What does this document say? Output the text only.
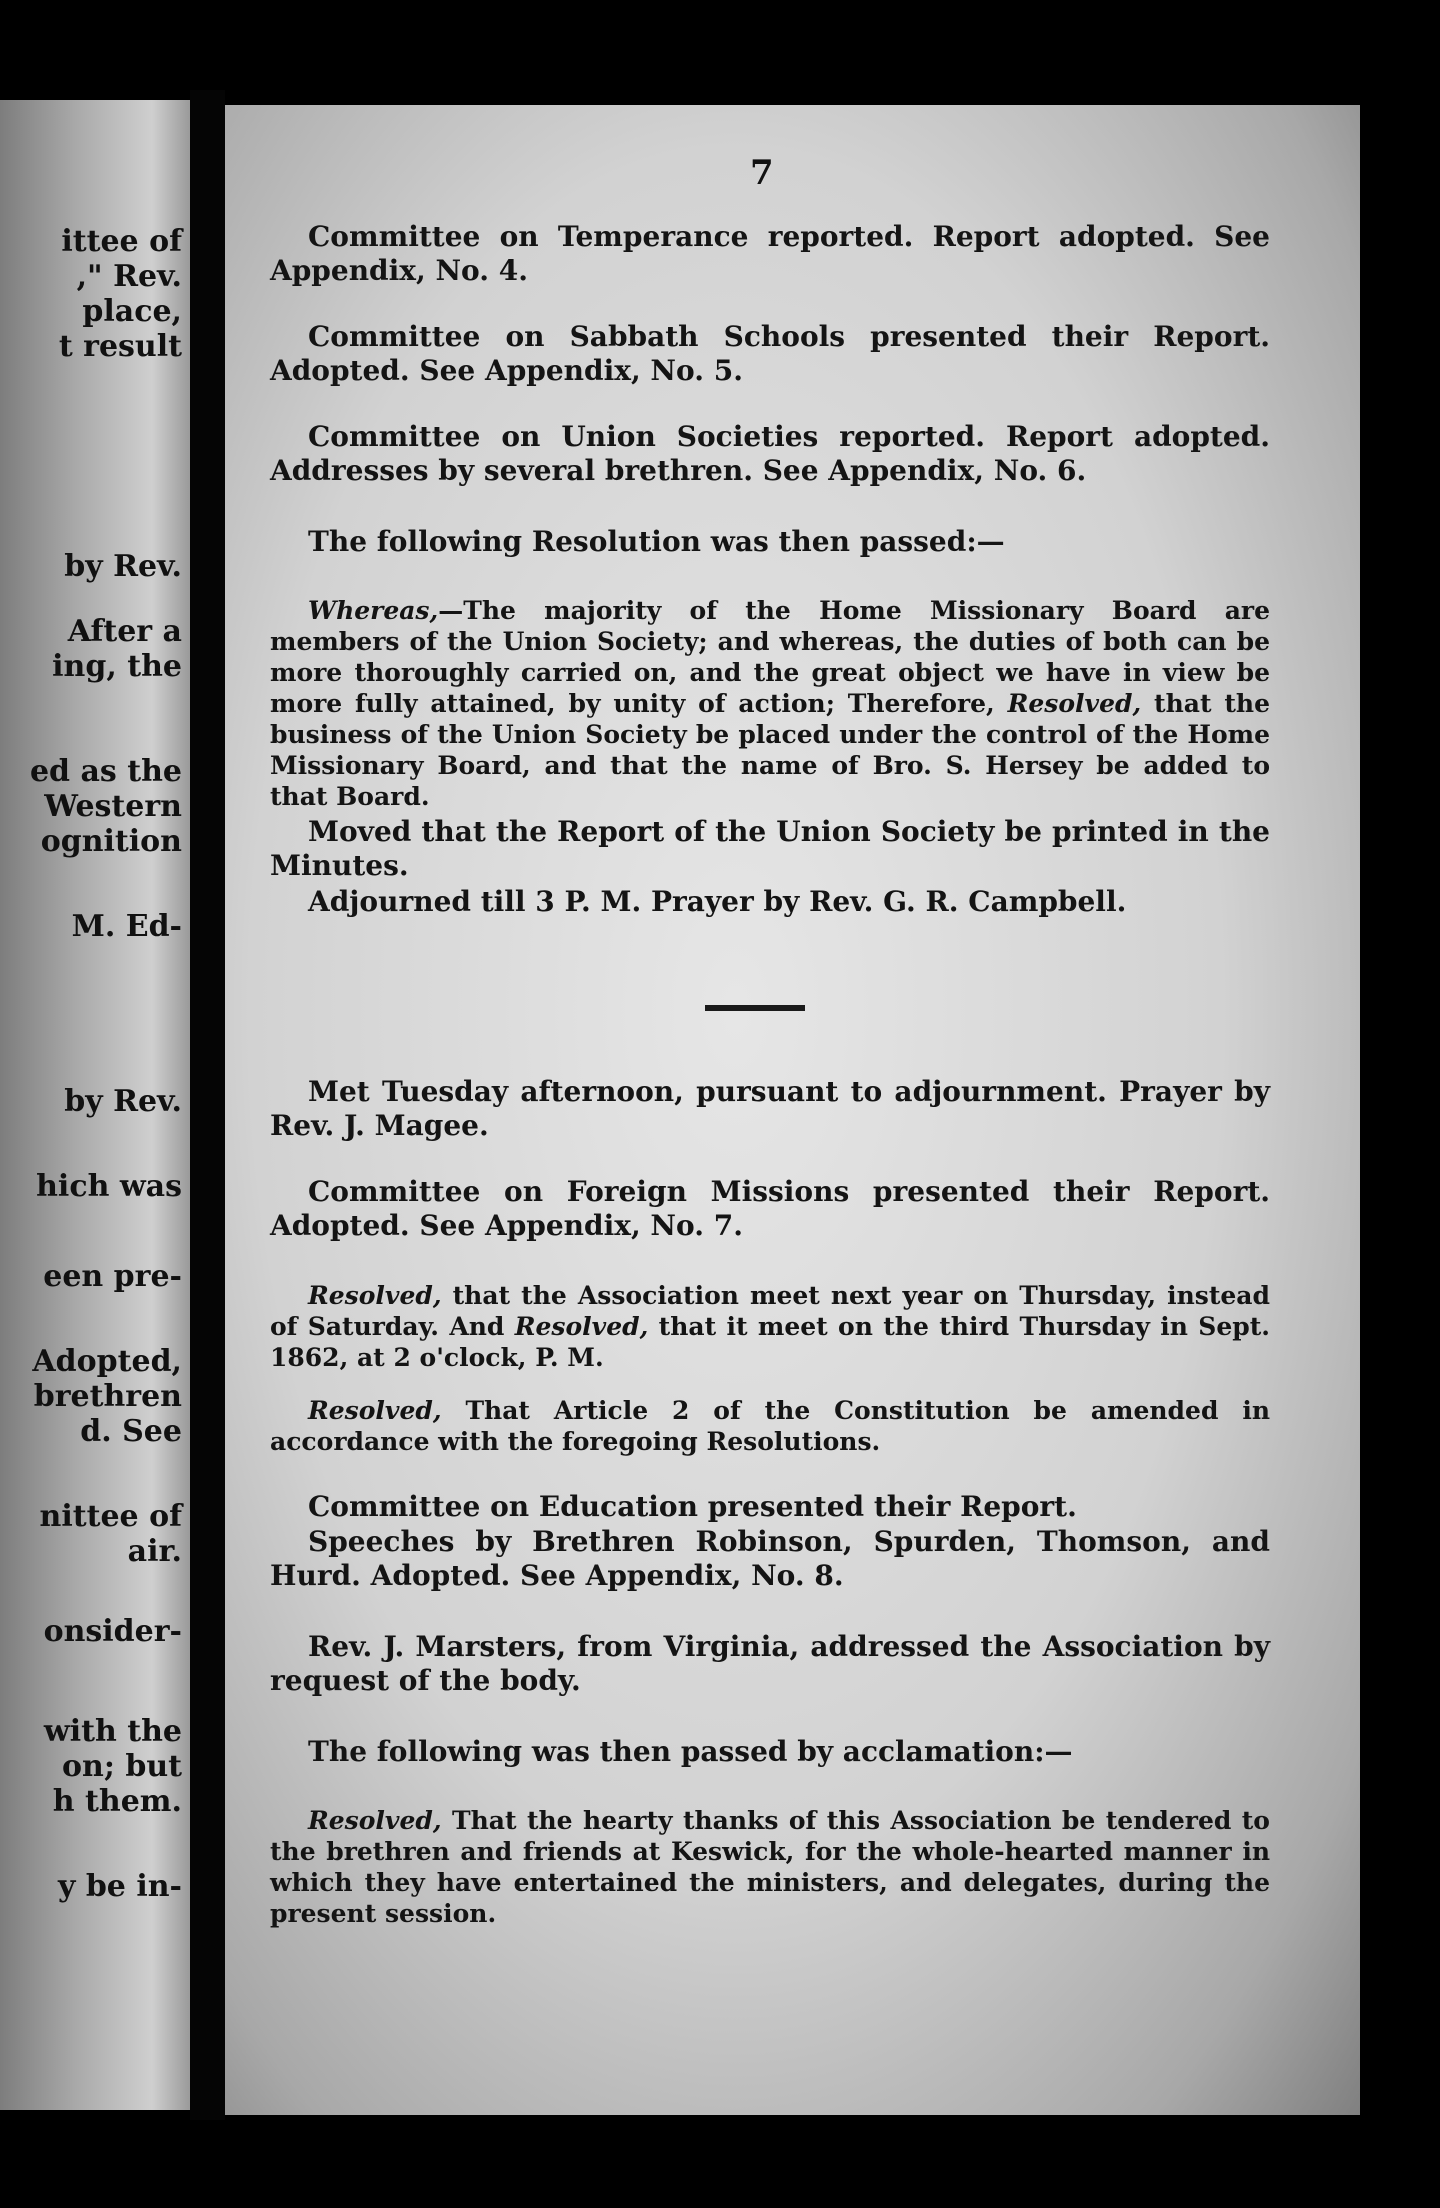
ittee of
," Rev.
place,
t result
by Rev.
After a
ing, the
ed as the
Western
ognition
M. Ed-
by Rev.
hich was
een pre-
Adopted,
brethren
d. See
nittee of
air.
onsider-
with the
on; but
h them.
y be in-
7
Committee on Temperance reported. Report adopted. See Appendix, No. 4.
Committee on Sabbath Schools presented their Report. Adopted. See Appendix, No. 5.
Committee on Union Societies reported. Report adopted. Addresses by several brethren. See Appendix, No. 6.
The following Resolution was then passed:—
Whereas,—The majority of the Home Missionary Board are members of the Union Society; and whereas, the duties of both can be more thoroughly carried on, and the great object we have in view be more fully attained, by unity of action; Therefore, Resolved, that the business of the Union Society be placed under the control of the Home Missionary Board, and that the name of Bro. S. Hersey be added to that Board.
Moved that the Report of the Union Society be printed in the Minutes.
Adjourned till 3 P. M. Prayer by Rev. G. R. Campbell.
Met Tuesday afternoon, pursuant to adjournment. Prayer by Rev. J. Magee.
Committee on Foreign Missions presented their Report. Adopted. See Appendix, No. 7.
Resolved, that the Association meet next year on Thursday, instead of Saturday. And Resolved, that it meet on the third Thursday in Sept. 1862, at 2 o'clock, P. M.
Resolved, That Article 2 of the Constitution be amended in accordance with the foregoing Resolutions.
Committee on Education presented their Report.
Speeches by Brethren Robinson, Spurden, Thomson, and Hurd. Adopted. See Appendix, No. 8.
Rev. J. Marsters, from Virginia, addressed the Association by request of the body.
The following was then passed by acclamation:—
Resolved, That the hearty thanks of this Association be tendered to the brethren and friends at Keswick, for the whole-hearted manner in which they have entertained the ministers, and delegates, during the present session.
